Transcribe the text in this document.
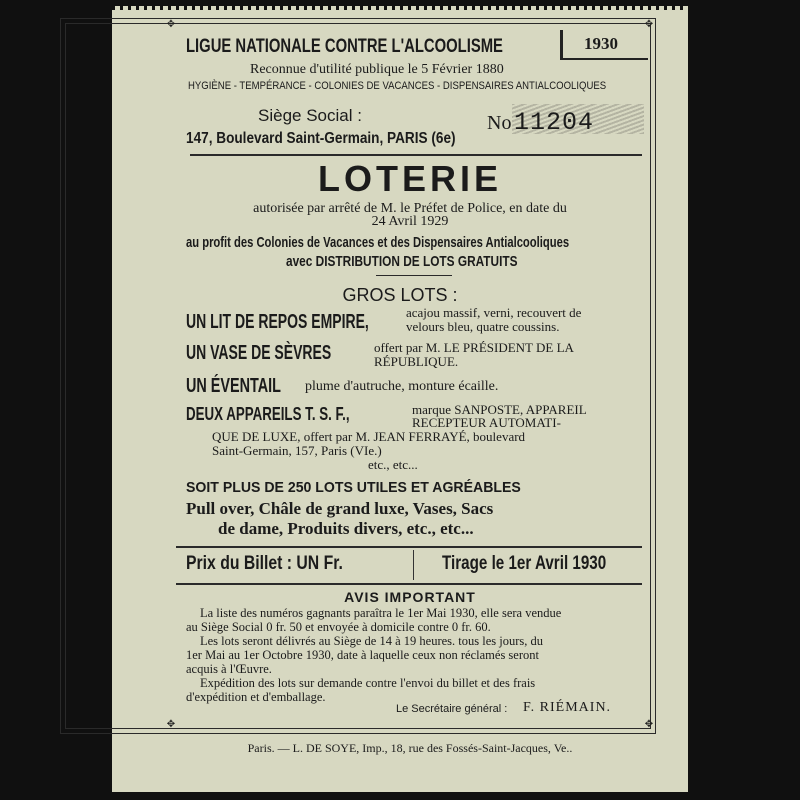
✥	✥
✥	✥
LIGUE NATIONALE CONTRE L'ALCOOLISME	1930
Reconnue d'utilité publique le 5 Février 1880
HYGIÈNE - TEMPÉRANCE - COLONIES DE VACANCES - DISPENSAIRES ANTIALCOOLIQUES
Siège Social :
147, Boulevard Saint-Germain, PARIS (6e)
No 11204
LOTERIE
autorisée par arrêté de M. le Préfet de Police, en date du
24 Avril 1929
au profit des Colonies de Vacances et des Dispensaires Antialcooliques
avec DISTRIBUTION DE LOTS GRATUITS
GROS LOTS :
UN LIT DE REPOS EMPIRE,	acajou massif, verni, recouvert de
velours bleu, quatre coussins.
UN VASE DE SÈVRES	offert par M. LE PRÉSIDENT DE LA
RÉPUBLIQUE.
UN ÉVENTAIL plume d'autruche, monture écaille.
DEUX APPAREILS T. S. F.,	marque SANPOSTE, APPAREIL
RECEPTEUR AUTOMATI-
QUE DE LUXE, offert par M. JEAN FERRAYÉ, boulevard
Saint-Germain, 157, Paris (VIe.)
etc., etc...
SOIT PLUS DE 250 LOTS UTILES ET AGRÉABLES
Pull over, Châle de grand luxe, Vases, Sacs
de dame, Produits divers, etc., etc...
Prix du Billet : UN Fr.	Tirage le 1er Avril 1930
AVIS IMPORTANT
La liste des numéros gagnants paraîtra le 1er Mai 1930, elle sera vendue
au Siège Social 0 fr. 50 et envoyée à domicile contre 0 fr. 60.
Les lots seront délivrés au Siège de 14 à 19 heures. tous les jours, du
1er Mai au 1er Octobre 1930, date à laquelle ceux non réclamés seront
acquis à l'Œuvre.
Expédition des lots sur demande contre l'envoi du billet et des frais
d'expédition et d'emballage.
Le Secrétaire général : F. RIÉMAIN.
Paris. — L. DE SOYE, Imp., 18, rue des Fossés-Saint-Jacques, Ve..
